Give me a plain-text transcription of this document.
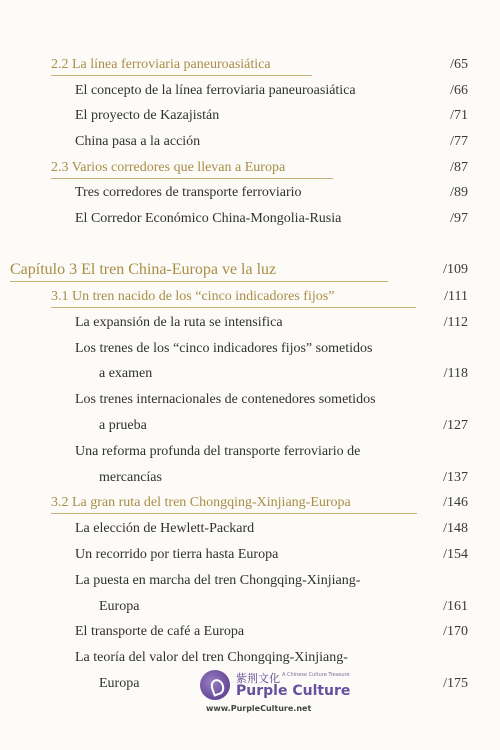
2.2 La línea ferroviaria paneuroasiática	/65
El concepto de la línea ferroviaria paneuroasiática	/66
El proyecto de Kazajistán	/71
China pasa a la acción	/77
2.3 Varios corredores que llevan a Europa	/87
Tres corredores de transporte ferroviario	/89
El Corredor Económico China-Mongolia-Rusia	/97
Capítulo 3 El tren China-Europa ve la luz	/109
3.1 Un tren nacido de los “cinco indicadores fijos”	/111
La expansión de la ruta se intensifica	/112
Los trenes de los “cinco indicadores fijos” sometidos
a examen	/118
Los trenes internacionales de contenedores sometidos
a prueba	/127
Una reforma profunda del transporte ferroviario de
mercancías	/137
3.2 La gran ruta del tren Chongqing-Xinjiang-Europa	/146
La elección de Hewlett-Packard	/148
Un recorrido por tierra hasta Europa	/154
La puesta en marcha del tren Chongqing-Xinjiang-
Europa	/161
El transporte de café a Europa	/170
La teoría del valor del tren Chongqing-Xinjiang-
Europa	/175
紫荆文化 A Chinese Culture Treasure
Purple Culture
www.PurpleCulture.net
